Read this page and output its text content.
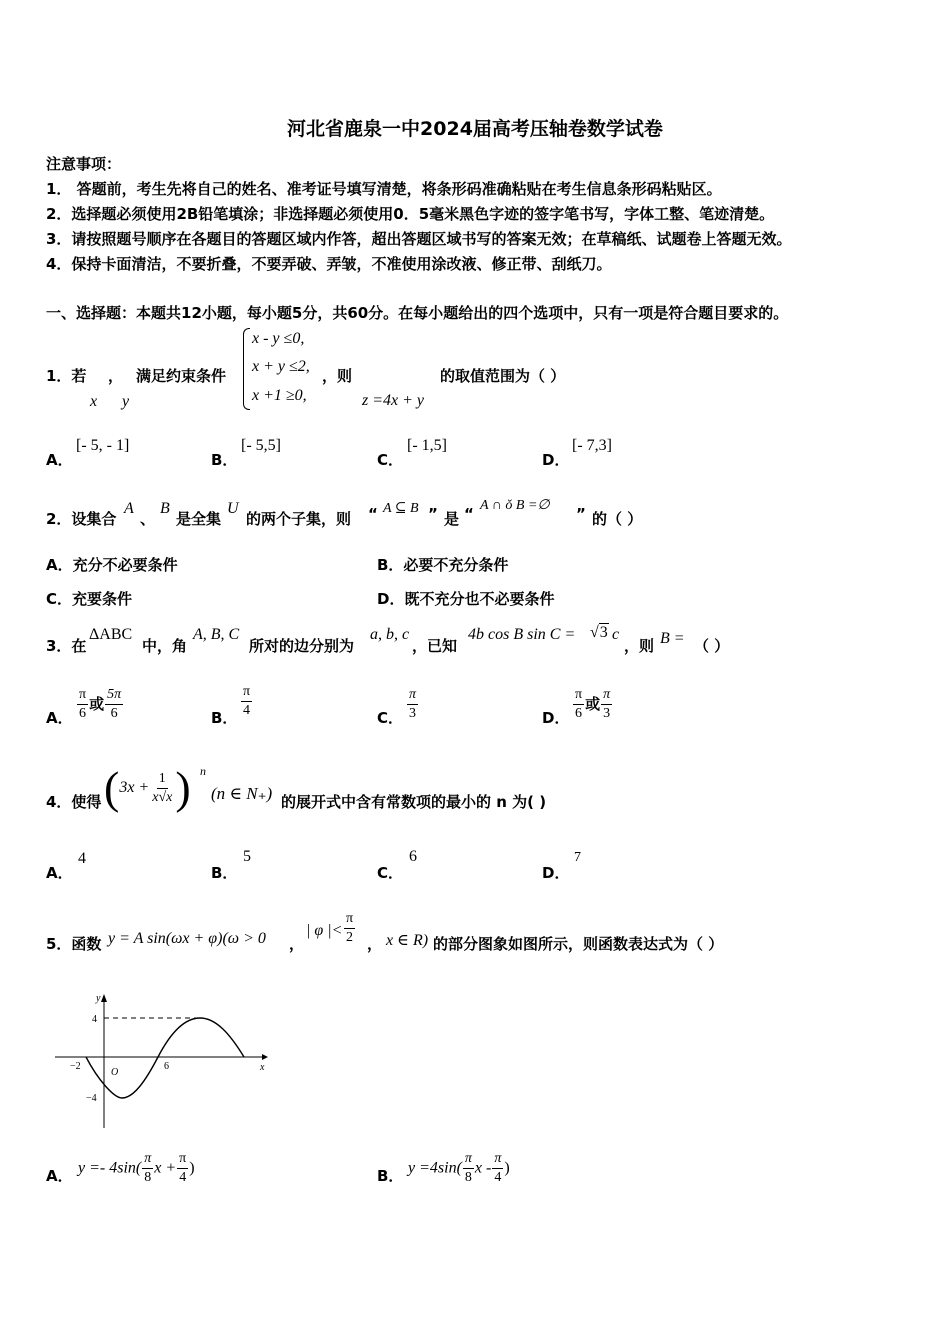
河北省鹿泉一中2024届高考压轴卷数学试卷
注意事项：
1． 答题前，考生先将自己的姓名、准考证号填写清楚，将条形码准确粘贴在考生信息条形码粘贴区。
2．选择题必须使用2B铅笔填涂；非选择题必须使用0．5毫米黑色字迹的签字笔书写，字体工整、笔迹清楚。
3．请按照题号顺序在各题目的答题区域内作答，超出答题区域书写的答案无效；在草稿纸、试题卷上答题无效。
4．保持卡面清洁，不要折叠，不要弄破、弄皱，不准使用涂改液、修正带、刮纸刀。
一、选择题：本题共12小题，每小题5分，共60分。在每小题给出的四个选项中，只有一项是符合题目要求的。
1．若 ， 满足约束条件
x y
x - y ≤0,
x + y ≤2,
x +1 ≥0,
，则
z =4x + y
的取值范围为（ ）
A．
[- 5, - 1]
B．
[- 5,5]
C．
[- 1,5]
D．
[- 7,3]
2．设集合
A
、
B
是全集
U
的两个子集，则 “ A ⊆ B ” 是 “ A ∩ ǒ B =∅ ” 的（ ）
A．充分不必要条件	B．必要不充分条件
C．充要条件	D．既不充分也不必要条件
3．在
ΔABC
中，角
A, B, C
所对的边分别为
a, b, c
，已知
4b cos B sin C = √3 c
，则 B = （ ）
A． $\frac{\pi}{6}$ 或 $\frac{5\pi}{6}$	B． $\frac{\pi}{4}$	C． $\frac{\pi}{3}$	D． $\frac{\pi}{6}$ 或 $\frac{\pi}{3}$
4．使得 ($3x + \frac{1}{x√x}$ ) n
(n ∈ N₊) 的展开式中含有常数项的最小的 n 为( )
A．
4
B．
5
C．
6
D．
7
5．函数 y = A sin(ωx + φ)(ω > 0 ，
| φ |< $\frac{\pi}{2}$ ， x ∈ R) 的部分图象如图所示，则函数表达式为（ ）
y
x
O
4
−4
−2	6
A． $y =- 4\sin( \frac{\pi}{8}$ $x + \frac{\pi}{4}$ )	B． $y =4\sin( \frac{\pi}{8}$ x - $\frac{\pi}{4}$ )
